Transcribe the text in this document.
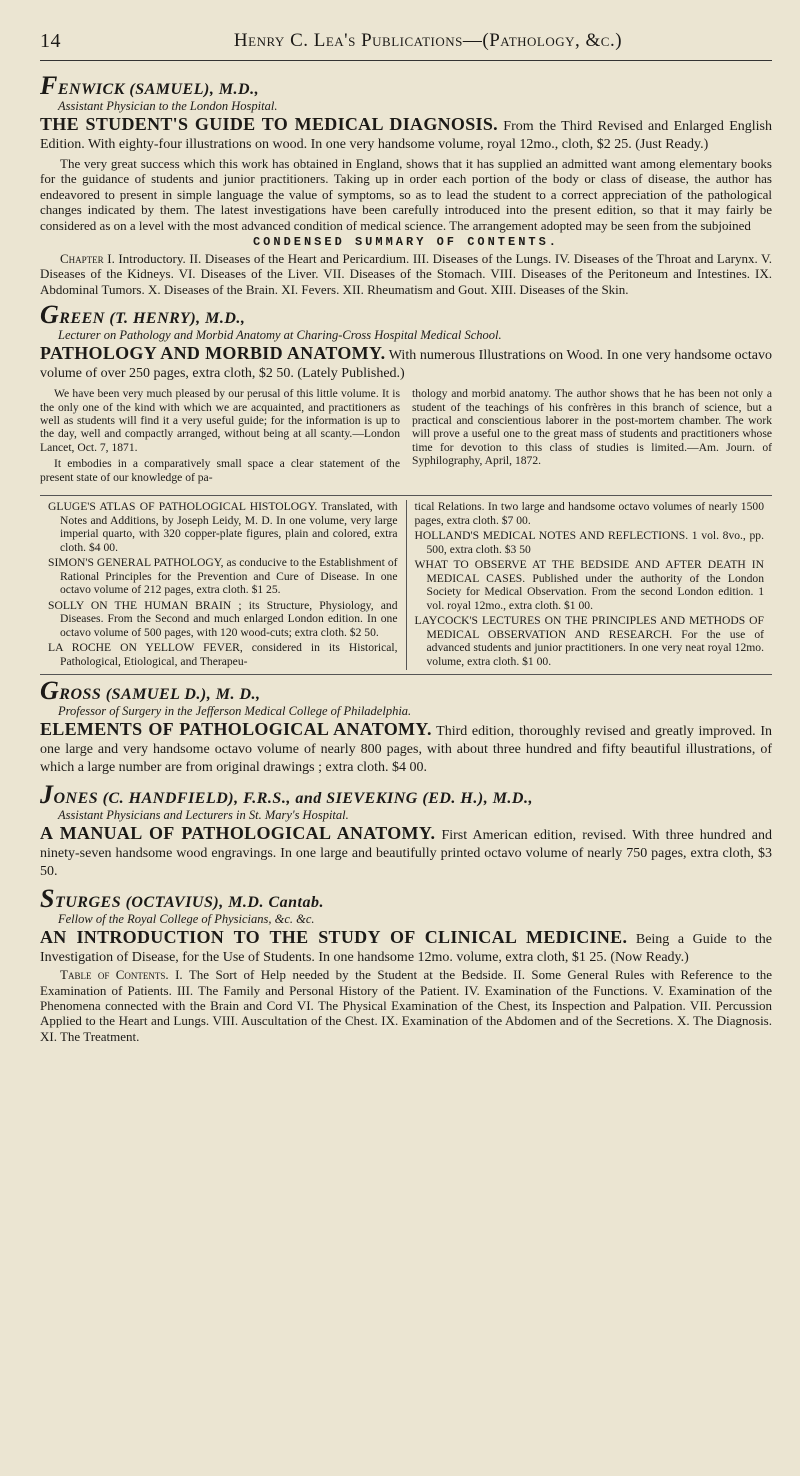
14	Henry C. Lea's Publications—(Pathology, &c.)
FENWICK (SAMUEL), M.D.,
Assistant Physician to the London Hospital.
THE STUDENT'S GUIDE TO MEDICAL DIAGNOSIS. From the Third Revised and Enlarged English Edition. With eighty-four illustrations on wood. In one very handsome volume, royal 12mo., cloth, $2 25. (Just Ready.)
The very great success which this work has obtained in England, shows that it has supplied an admitted want among elementary books for the guidance of students and junior practitioners. Taking up in order each portion of the body or class of disease, the author has endeavored to present in simple language the value of symptoms, so as to lead the student to a correct appreciation of the pathological changes indicated by them. The latest investigations have been carefully introduced into the present edition, so that it may fairly be considered as on a level with the most advanced condition of medical science. The arrangement adopted may be seen from the subjoined
CONDENSED SUMMARY OF CONTENTS.
Chapter I. Introductory. II. Diseases of the Heart and Pericardium. III. Diseases of the Lungs. IV. Diseases of the Throat and Larynx. V. Diseases of the Kidneys. VI. Diseases of the Liver. VII. Diseases of the Stomach. VIII. Diseases of the Peritoneum and Intestines. IX. Abdominal Tumors. X. Diseases of the Brain. XI. Fevers. XII. Rheumatism and Gout. XIII. Diseases of the Skin.
GREEN (T. HENRY), M.D.,
Lecturer on Pathology and Morbid Anatomy at Charing-Cross Hospital Medical School.
PATHOLOGY AND MORBID ANATOMY. With numerous Illustrations on Wood. In one very handsome octavo volume of over 250 pages, extra cloth, $2 50. (Lately Published.)

We have been very much pleased by our perusal of this little volume. It is the only one of the kind with which we are acquainted, and practitioners as well as students will find it a very useful guide; for the information is up to the day, well and compactly arranged, without being at all scanty.—London Lancet, Oct. 7, 1871.

It embodies in a comparatively small space a clear statement of the present state of our knowledge of pa-

thology and morbid anatomy. The author shows that he has been not only a student of the teachings of his confrères in this branch of science, but a practical and conscientious laborer in the post-mortem chamber. The work will prove a useful one to the great mass of students and practitioners whose time for devotion to this class of studies is limited.—Am. Journ. of Syphilography, April, 1872.

GLUGE'S ATLAS OF PATHOLOGICAL HISTOLOGY. Translated, with Notes and Additions, by Joseph Leidy, M. D. In one volume, very large imperial quarto, with 320 copper-plate figures, plain and colored, extra cloth. $4 00.

SIMON'S GENERAL PATHOLOGY, as conducive to the Establishment of Rational Principles for the Prevention and Cure of Disease. In one octavo volume of 212 pages, extra cloth. $1 25.

SOLLY ON THE HUMAN BRAIN ; its Structure, Physiology, and Diseases. From the Second and much enlarged London edition. In one octavo volume of 500 pages, with 120 wood-cuts; extra cloth. $2 50.

LA ROCHE ON YELLOW FEVER, considered in its Historical, Pathological, Etiological, and Therapeu-

tical Relations. In two large and handsome octavo volumes of nearly 1500 pages, extra cloth. $7 00.

HOLLAND'S MEDICAL NOTES AND REFLECTIONS. 1 vol. 8vo., pp. 500, extra cloth. $3 50

WHAT TO OBSERVE AT THE BEDSIDE AND AFTER DEATH IN MEDICAL CASES. Published under the authority of the London Society for Medical Observation. From the second London edition. 1 vol. royal 12mo., extra cloth. $1 00.

LAYCOCK'S LECTURES ON THE PRINCIPLES AND METHODS OF MEDICAL OBSERVATION AND RESEARCH. For the use of advanced students and junior practitioners. In one very neat royal 12mo. volume, extra cloth. $1 00.

GROSS (SAMUEL D.), M. D.,
Professor of Surgery in the Jefferson Medical College of Philadelphia.
ELEMENTS OF PATHOLOGICAL ANATOMY. Third edition, thoroughly revised and greatly improved. In one large and very handsome octavo volume of nearly 800 pages, with about three hundred and fifty beautiful illustrations, of which a large number are from original drawings ; extra cloth. $4 00.
JONES (C. HANDFIELD), F.R.S., and SIEVEKING (ED. H.), M.D.,
Assistant Physicians and Lecturers in St. Mary's Hospital.
A MANUAL OF PATHOLOGICAL ANATOMY. First American edition, revised. With three hundred and ninety-seven handsome wood engravings. In one large and beautifully printed octavo volume of nearly 750 pages, extra cloth, $3 50.
STURGES (OCTAVIUS), M.D. Cantab.
Fellow of the Royal College of Physicians, &c. &c.
AN INTRODUCTION TO THE STUDY OF CLINICAL MEDICINE. Being a Guide to the Investigation of Disease, for the Use of Students. In one handsome 12mo. volume, extra cloth, $1 25. (Now Ready.)
Table of Contents. I. The Sort of Help needed by the Student at the Bedside. II. Some General Rules with Reference to the Examination of Patients. III. The Family and Personal History of the Patient. IV. Examination of the Functions. V. Examination of the Phenomena connected with the Brain and Cord VI. The Physical Examination of the Chest, its Inspection and Palpation. VII. Percussion Applied to the Heart and Lungs. VIII. Auscultation of the Chest. IX. Examination of the Abdomen and of the Secretions. X. The Diagnosis. XI. The Treatment.
